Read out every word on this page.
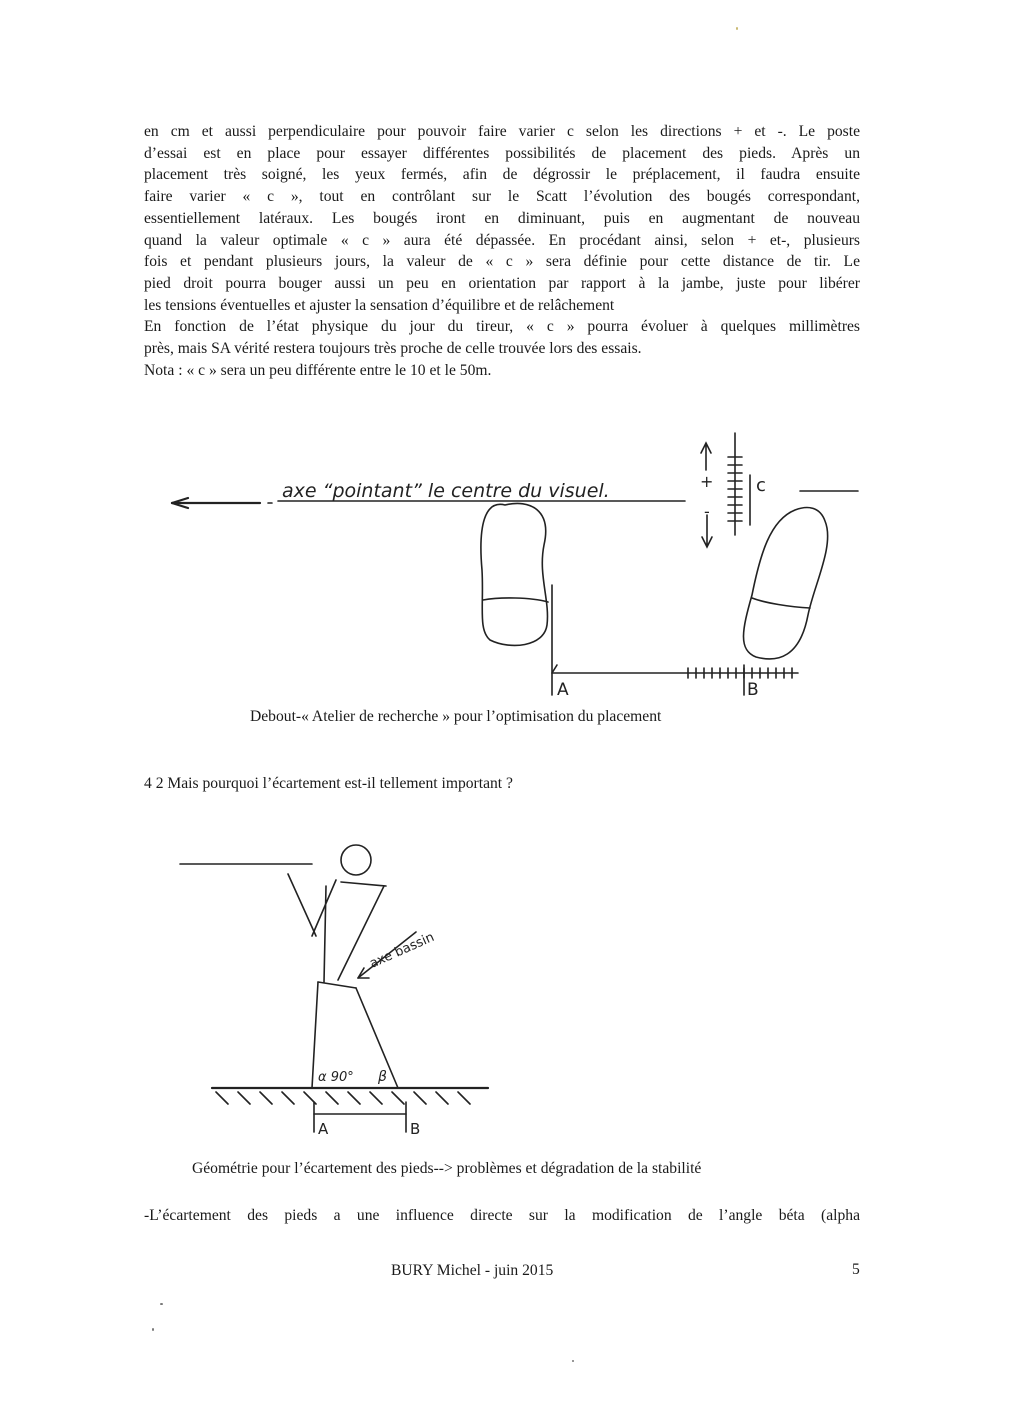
en cm et aussi perpendiculaire pour pouvoir faire varier c selon les directions + et -. Le poste

d’essai est en place pour essayer différentes possibilités de placement des pieds. Après un

placement très soigné, les yeux fermés, afin de dégrossir le préplacement, il faudra ensuite

faire varier « c », tout en contrôlant sur le Scatt l’évolution des bougés correspondant,

essentiellement latéraux. Les bougés iront en diminuant, puis en augmentant de nouveau

quand la valeur optimale « c » aura été dépassée. En procédant ainsi, selon + et-, plusieurs

fois et pendant plusieurs jours, la valeur de « c » sera définie pour cette distance de tir. Le

pied droit pourra bouger aussi un peu en orientation par rapport à la jambe, juste pour libérer

les tensions éventuelles et ajuster la sensation d’équilibre et de relâchement

En fonction de l’état physique du jour du tireur, « c » pourra évoluer à quelques millimètres

près, mais SA vérité restera toujours très proche de celle trouvée lors des essais.

Nota : « c » sera un peu différente entre le 10 et le 50m.

axe “pointant” le centre du visuel.	+
-
c
A	B
Debout-« Atelier de recherche » pour l’optimisation du placement
4 2 Mais pourquoi l’écartement est-il tellement important ?
axe bassin
α 90° β
A	B
Géométrie pour l’écartement des pieds--> problèmes et dégradation de la stabilité

-L’écartement des pieds a une influence directe sur la modification de l’angle béta (alpha

BURY Michel - juin 2015	5
